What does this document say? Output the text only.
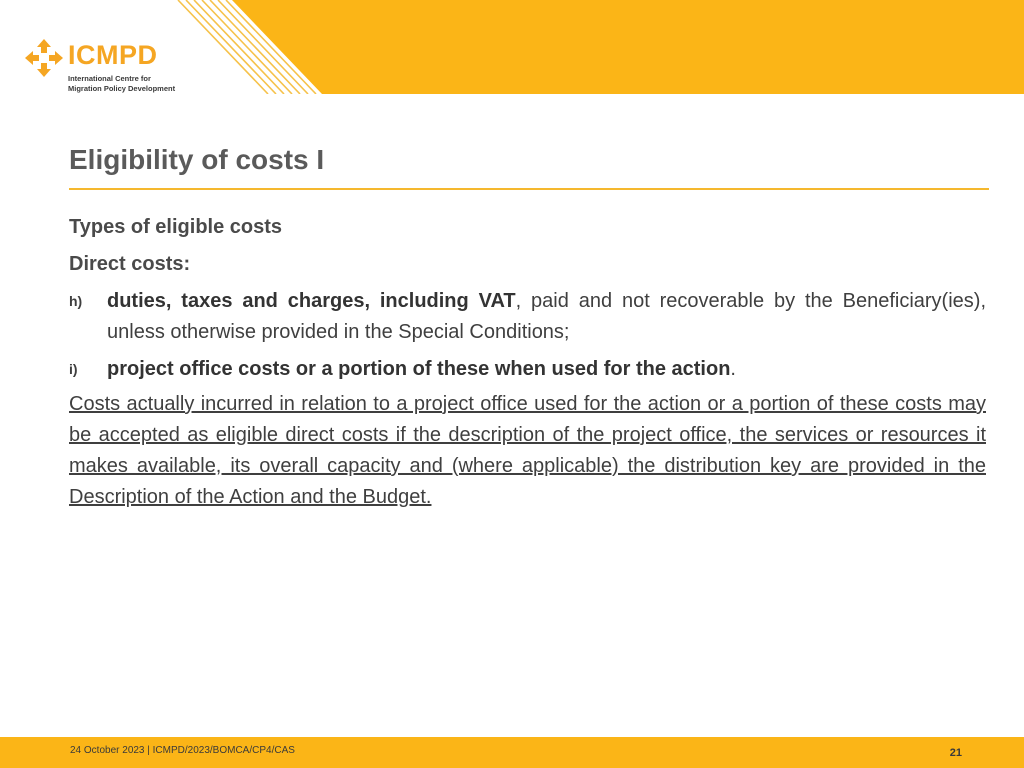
ICMPD
International Centre for
Migration Policy Development
Eligibility of costs I
Types of eligible costs
Direct costs:
h) duties, taxes and charges, including VAT, paid and not recoverable by the Beneficiary(ies), unless otherwise provided in the Special Conditions;
i) project office costs or a portion of these when used for the action.
Costs actually incurred in relation to a project office used for the action or a portion of these costs may be accepted as eligible direct costs if the description of the project office, the services or resources it makes available, its overall capacity and (where applicable) the distribution key are provided in the Description of the Action and the Budget.
24 October 2023 | ICMPD/2023/BOMCA/CP4/CAS	21
